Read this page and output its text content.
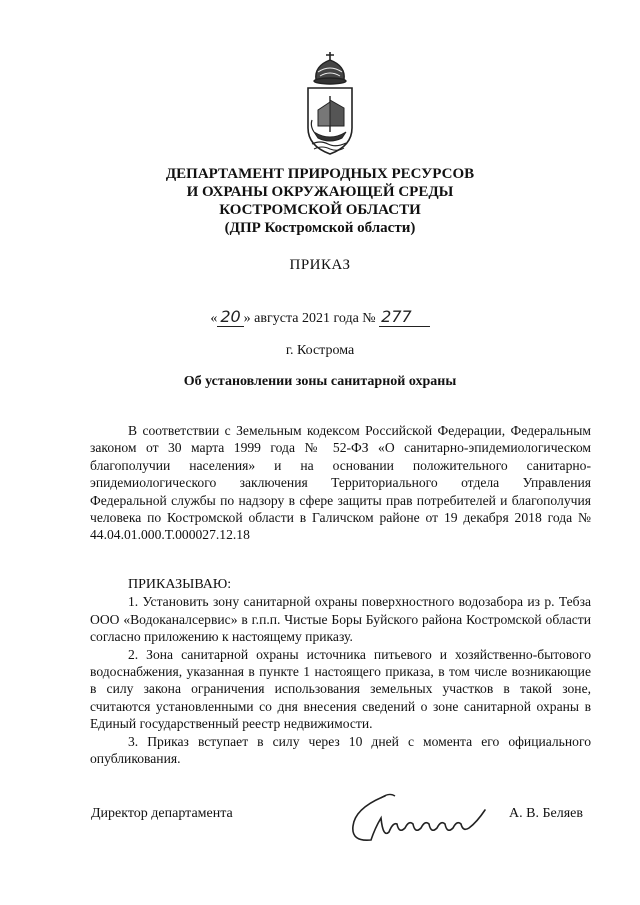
ДЕПАРТАМЕНТ ПРИРОДНЫХ РЕСУРСОВ
И ОХРАНЫ ОКРУЖАЮЩЕЙ СРЕДЫ
КОСТРОМСКОЙ ОБЛАСТИ
(ДПР Костромской области)
ПРИКАЗ
« 20 » августа 2021 года № 277
г. Кострома
Об установлении зоны санитарной охраны

В соответствии с Земельным кодексом Российской Федерации, Федеральным законом от 30 марта 1999 года № 52-ФЗ «О санитарно-эпидемиологическом благополучии населения» и на основании положительного санитарно-эпидемиологического заключения Территориального отдела Управления Федеральной службы по надзору в сфере защиты прав потребителей и благополучия человека по Костромской области в Галичском районе от 19 декабря 2018 года № 44.04.01.000.Т.000027.12.18

ПРИКАЗЫВАЮ:

1. Установить зону санитарной охраны поверхностного водозабора из р. Тебза ООО «Водоканалсервис» в г.п.п. Чистые Боры Буйского района Костромской области согласно приложению к настоящему приказу.

2. Зона санитарной охраны источника питьевого и хозяйственно-бытового водоснабжения, указанная в пункте 1 настоящего приказа, в том числе возникающие в силу закона ограничения использования земельных участков в такой зоне, считаются установленными со дня внесения сведений о зоне санитарной охраны в Единый государственный реестр недвижимости.

3. Приказ вступает в силу через 10 дней с момента его официального опубликования.

Директор департамента	А. В. Беляев
